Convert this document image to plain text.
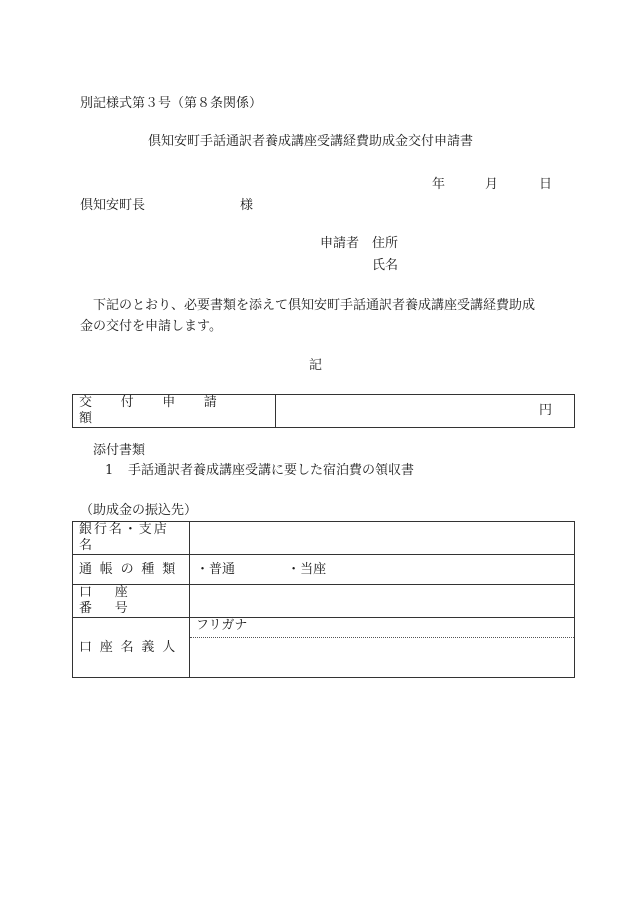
別記様式第３号（第８条関係）
倶知安町手話通訳者養成講座受講経費助成金交付申請書
年	月	日
倶知安町長	様
申請者 住所
氏名
下記のとおり、必要書類を添えて倶知安町手話通訳者養成講座受講経費助成
金の交付を申請します。
記
交付申請額	円
添付書類
1 手話通訳者養成講座受講に要した宿泊費の領収書
（助成金の振込先）
銀行名・支店名	
通帳の種類	・普通 ・当座
口座番号	
口座名義人	フリガナ
